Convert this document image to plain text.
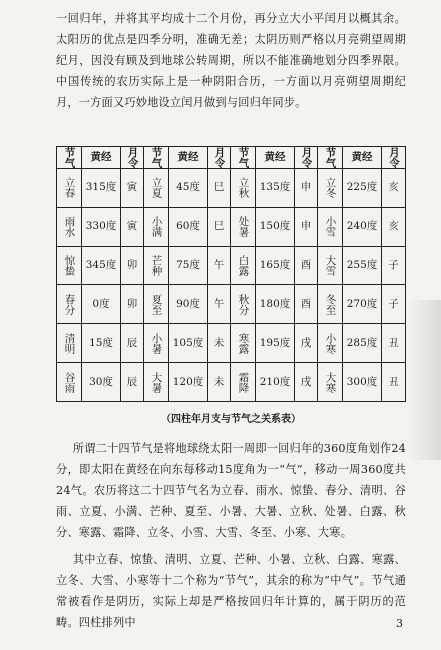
一回归年，并将其平均成十二个月份，再分立大小平闰月以概其余。太阳历的优点是四季分明，准确无差；太阴历则严格以月亮朔望周期纪月，因没有顾及到地球公转周期，所以不能准确地划分四季界限。中国传统的农历实际上是一种阴阳合历，一方面以月亮朔望周期纪月，一方面又巧妙地设立闰月做到与回归年同步。

节气	黄经	月令	节气	黄经	月令	节气	黄经	月令	节气	黄经	月令
立春	315度	寅	立夏	45度	巳	立秋	135度	申	立冬	225度	亥
雨水	330度	寅	小满	60度	巳	处暑	150度	申	小雪	240度	亥
惊蛰	345度	卯	芒种	75度	午	白露	165度	酉	大雪	255度	子
春分	0度	卯	夏至	90度	午	秋分	180度	酉	冬至	270度	子
清明	15度	辰	小暑	105度	未	寒露	195度	戌	小寒	285度	丑
谷雨	30度	辰	大暑	120度	未	霜降	210度	戌	大寒	300度	丑
（四柱年月支与节气之关系表）

所谓二十四节气是将地球绕太阳一周即一回归年的360度角划作24分，即太阳在黄经在向东每移动15度角为一“气”，移动一周360度共24气。农历将这二十四节气名为立春、雨水、惊蛰、春分、清明、谷雨、立夏、小满、芒种、夏至、小暑、大暑、立秋、处暑、白露、秋分、寒露、霜降、立冬、小雪、大雪、冬至、小寒、大寒。

其中立春、惊蛰、清明、立夏、芒种、小暑、立秋、白露、寒露、立冬、大雪、小寒等十二个称为“节气”，其余的称为“中气”。节气通常被看作是阴历，实际上却是严格按回归年计算的，属于阴历的范畴。四柱排列中	3
